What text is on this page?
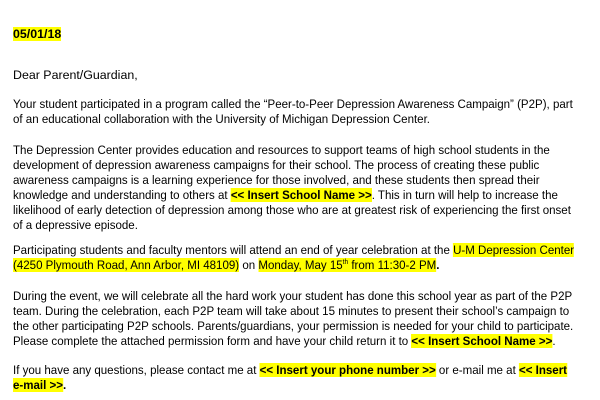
05/01/18
Dear Parent/Guardian,
Your student participated in a program called the “Peer-to-Peer Depression Awareness Campaign” (P2P), part
of an educational collaboration with the University of Michigan Depression Center.
The Depression Center provides education and resources to support teams of high school students in the
development of depression awareness campaigns for their school. The process of creating these public
awareness campaigns is a learning experience for those involved, and these students then spread their
knowledge and understanding to others at << Insert School Name >>. This in turn will help to increase the
likelihood of early detection of depression among those who are at greatest risk of experiencing the first onset
of a depressive episode.
Participating students and faculty mentors will attend an end of year celebration at the U-M Depression Center
(4250 Plymouth Road, Ann Arbor, MI 48109) on Monday, May 15th from 11:30-2 PM.
During the event, we will celebrate all the hard work your student has done this school year as part of the P2P
team. During the celebration, each P2P team will take about 15 minutes to present their school’s campaign to
the other participating P2P schools. Parents/guardians, your permission is needed for your child to participate.
Please complete the attached permission form and have your child return it to << Insert School Name >>.
If you have any questions, please contact me at << Insert your phone number >> or e-mail me at << Insert
e-mail >>.
